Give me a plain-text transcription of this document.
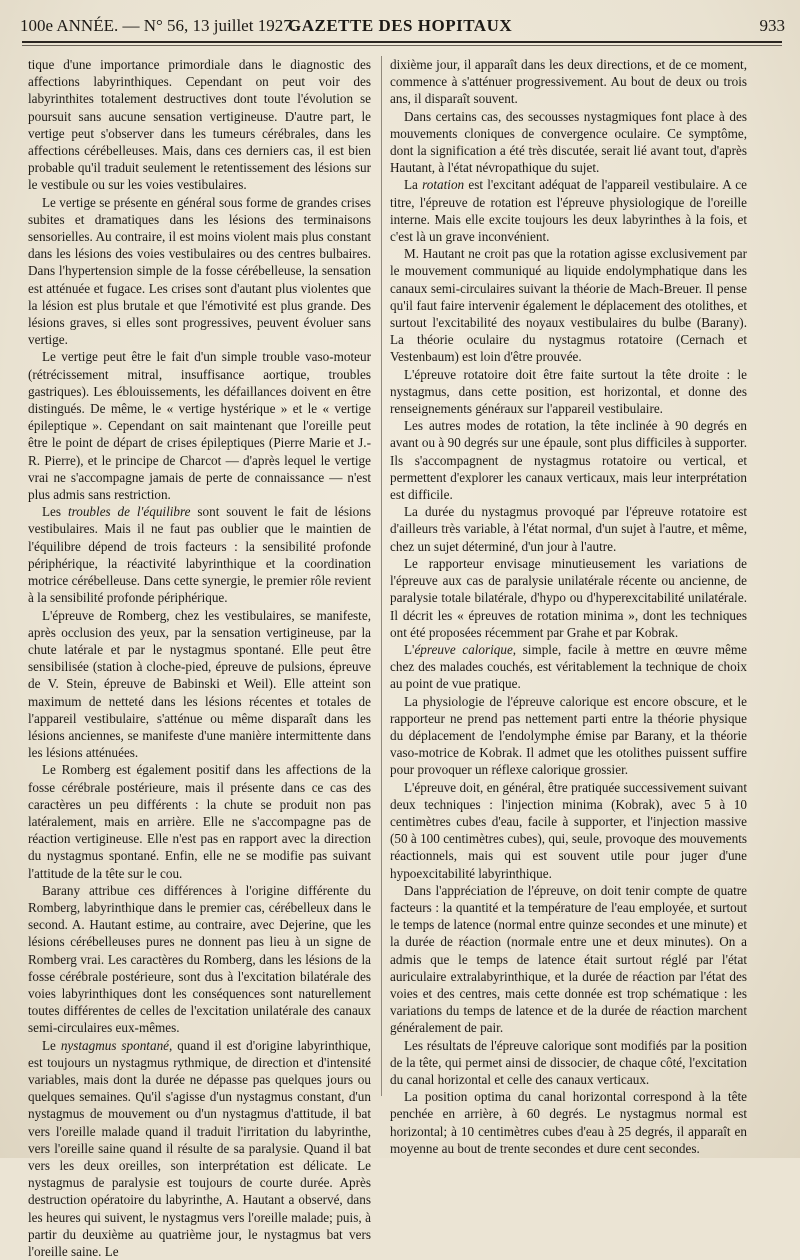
100e ANNÉE. — N° 56, 13 juillet 1927.
GAZETTE DES HOPITAUX	933

tique d'une importance primordiale dans le diagnostic des affections labyrinthiques. Cependant on peut voir des labyrinthites totalement destructives dont toute l'évolution se poursuit sans aucune sensation vertigineuse. D'autre part, le vertige peut s'observer dans les tumeurs cérébrales, dans les affections cérébelleuses. Mais, dans ces derniers cas, il est bien probable qu'il traduit seulement le retentissement des lésions sur le vestibule ou sur les voies vestibulaires.

Le vertige se présente en général sous forme de grandes crises subites et dramatiques dans les lésions des terminaisons sensorielles. Au contraire, il est moins violent mais plus constant dans les lésions des voies vestibulaires ou des centres bulbaires. Dans l'hypertension simple de la fosse cérébelleuse, la sensation est atténuée et fugace. Les crises sont d'autant plus violentes que la lésion est plus brutale et que l'émotivité est plus grande. Des lésions graves, si elles sont progressives, peuvent évoluer sans vertige.

Le vertige peut être le fait d'un simple trouble vaso-moteur (rétrécissement mitral, insuffisance aortique, troubles gastriques). Les éblouissements, les défaillances doivent en être distingués. De même, le « vertige hystérique » et le « vertige épileptique ». Cependant on sait maintenant que l'oreille peut être le point de départ de crises épileptiques (Pierre Marie et J.-R. Pierre), et le principe de Charcot — d'après lequel le vertige vrai ne s'accompagne jamais de perte de connaissance — n'est plus admis sans restriction.

Les troubles de l'équilibre sont souvent le fait de lésions vestibulaires. Mais il ne faut pas oublier que le maintien de l'équilibre dépend de trois facteurs : la sensibilité profonde périphérique, la réactivité labyrinthique et la coordination motrice cérébelleuse. Dans cette synergie, le premier rôle revient à la sensibilité profonde périphérique.

L'épreuve de Romberg, chez les vestibulaires, se manifeste, après occlusion des yeux, par la sensation vertigineuse, par la chute latérale et par le nystagmus spontané. Elle peut être sensibilisée (station à cloche-pied, épreuve de pulsions, épreuve de V. Stein, épreuve de Babinski et Weil). Elle atteint son maximum de netteté dans les lésions récentes et totales de l'appareil vestibulaire, s'atténue ou même disparaît dans les lésions anciennes, se manifeste d'une manière intermittente dans les lésions atténuées.

Le Romberg est également positif dans les affections de la fosse cérébrale postérieure, mais il présente dans ce cas des caractères un peu différents : la chute se produit non pas latéralement, mais en arrière. Elle ne s'accompagne pas de réaction vertigineuse. Elle n'est pas en rapport avec la direction du nystagmus spontané. Enfin, elle ne se modifie pas suivant l'attitude de la tête sur le cou.

Barany attribue ces différences à l'origine différente du Romberg, labyrinthique dans le premier cas, cérébelleux dans le second. A. Hautant estime, au contraire, avec Dejerine, que les lésions cérébelleuses pures ne donnent pas lieu à un signe de Romberg vrai. Les caractères du Romberg, dans les lésions de la fosse cérébrale postérieure, sont dus à l'excitation bilatérale des voies labyrinthiques dont les conséquences sont naturellement toutes différentes de celles de l'excitation unilatérale des canaux semi-circulaires eux-mêmes.

Le nystagmus spontané, quand il est d'origine labyrinthique, est toujours un nystagmus rythmique, de direction et d'intensité variables, mais dont la durée ne dépasse pas quelques jours ou quelques semaines. Qu'il s'agisse d'un nystagmus constant, d'un nystagmus de mouvement ou d'un nystagmus d'attitude, il bat vers l'oreille malade quand il traduit l'irritation du labyrinthe, vers l'oreille saine quand il résulte de sa paralysie. Quand il bat vers les deux oreilles, son interprétation est délicate. Le nystagmus de paralysie est toujours de courte durée. Après destruction opératoire du labyrinthe, A. Hautant a observé, dans les heures qui suivent, le nystagmus vers l'oreille malade; puis, à partir du deuxième au quatrième jour, le nystagmus bat vers l'oreille saine. Le

dixième jour, il apparaît dans les deux directions, et de ce moment, commence à s'atténuer progressivement. Au bout de deux ou trois ans, il disparaît souvent.

Dans certains cas, des secousses nystagmiques font place à des mouvements cloniques de convergence oculaire. Ce symptôme, dont la signification a été très discutée, serait lié avant tout, d'après Hautant, à l'état névropathique du sujet.

La rotation est l'excitant adéquat de l'appareil vestibulaire. A ce titre, l'épreuve de rotation est l'épreuve physiologique de l'oreille interne. Mais elle excite toujours les deux labyrinthes à la fois, et c'est là un grave inconvénient.

M. Hautant ne croit pas que la rotation agisse exclusivement par le mouvement communiqué au liquide endolymphatique dans les canaux semi-circulaires suivant la théorie de Mach-Breuer. Il pense qu'il faut faire intervenir également le déplacement des otolithes, et surtout l'excitabilité des noyaux vestibulaires du bulbe (Barany). La théorie oculaire du nystagmus rotatoire (Cernach et Vestenbaum) est loin d'être prouvée.

L'épreuve rotatoire doit être faite surtout la tête droite : le nystagmus, dans cette position, est horizontal, et donne des renseignements généraux sur l'appareil vestibulaire.

Les autres modes de rotation, la tête inclinée à 90 degrés en avant ou à 90 degrés sur une épaule, sont plus difficiles à supporter. Ils s'accompagnent de nystagmus rotatoire ou vertical, et permettent d'explorer les canaux verticaux, mais leur interprétation est difficile.

La durée du nystagmus provoqué par l'épreuve rotatoire est d'ailleurs très variable, à l'état normal, d'un sujet à l'autre, et même, chez un sujet déterminé, d'un jour à l'autre.

Le rapporteur envisage minutieusement les variations de l'épreuve aux cas de paralysie unilatérale récente ou ancienne, de paralysie totale bilatérale, d'hypo ou d'hyperexcitabilité unilatérale. Il décrit les « épreuves de rotation minima », dont les techniques ont été proposées récemment par Grahe et par Kobrak.

L'épreuve calorique, simple, facile à mettre en œuvre même chez des malades couchés, est véritablement la technique de choix au point de vue pratique.

La physiologie de l'épreuve calorique est encore obscure, et le rapporteur ne prend pas nettement parti entre la théorie physique du déplacement de l'endolymphe émise par Barany, et la théorie vaso-motrice de Kobrak. Il admet que les otolithes puissent suffire pour provoquer un réflexe calorique grossier.

L'épreuve doit, en général, être pratiquée successivement suivant deux techniques : l'injection minima (Kobrak), avec 5 à 10 centimètres cubes d'eau, facile à supporter, et l'injection massive (50 à 100 centimètres cubes), qui, seule, provoque des mouvements réactionnels, mais qui est souvent utile pour juger d'une hypoexcitabilité labyrinthique.

Dans l'appréciation de l'épreuve, on doit tenir compte de quatre facteurs : la quantité et la température de l'eau employée, et surtout le temps de latence (normal entre quinze secondes et une minute) et la durée de réaction (normale entre une et deux minutes). On a admis que le temps de latence était surtout réglé par l'état auriculaire extralabyrinthique, et la durée de réaction par l'état des voies et des centres, mais cette donnée est trop schématique : les variations du temps de latence et de la durée de réaction marchent généralement de pair.

Les résultats de l'épreuve calorique sont modifiés par la position de la tête, qui permet ainsi de dissocier, de chaque côté, l'excitation du canal horizontal et celle des canaux verticaux.

La position optima du canal horizontal correspond à la tête penchée en arrière, à 60 degrés. Le nystagmus normal est horizontal; à 10 centimètres cubes d'eau à 25 degrés, il apparaît en moyenne au bout de trente secondes et dure cent secondes.
